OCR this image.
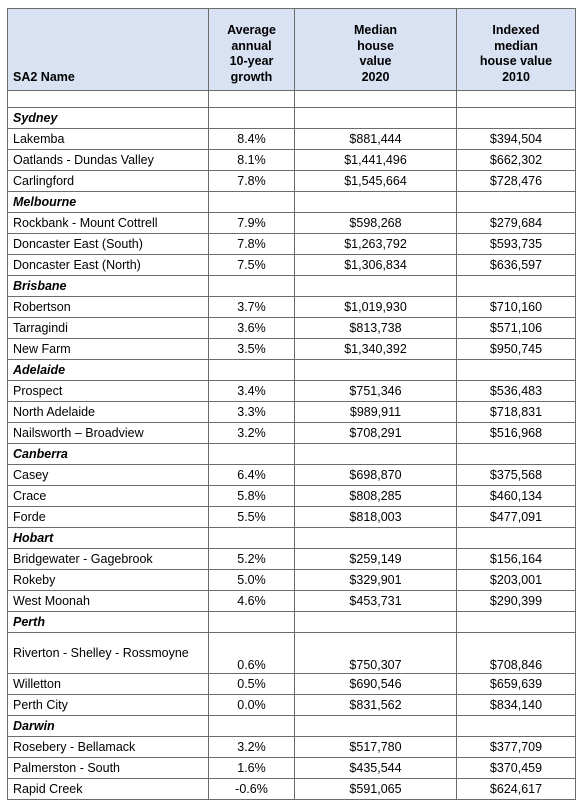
SA2 Name	Average
annual
10-year
growth	Median
house
value
2020	Indexed
median
house value
2010

Sydney			
Lakemba	8.4%	$881,444	$394,504
Oatlands - Dundas Valley	8.1%	$1,441,496	$662,302
Carlingford	7.8%	$1,545,664	$728,476
Melbourne			
Rockbank - Mount Cottrell	7.9%	$598,268	$279,684
Doncaster East (South)	7.8%	$1,263,792	$593,735
Doncaster East (North)	7.5%	$1,306,834	$636,597
Brisbane			
Robertson	3.7%	$1,019,930	$710,160
Tarragindi	3.6%	$813,738	$571,106
New Farm	3.5%	$1,340,392	$950,745
Adelaide			
Prospect	3.4%	$751,346	$536,483
North Adelaide	3.3%	$989,911	$718,831
Nailsworth – Broadview	3.2%	$708,291	$516,968
Canberra			
Casey	6.4%	$698,870	$375,568
Crace	5.8%	$808,285	$460,134
Forde	5.5%	$818,003	$477,091
Hobart			
Bridgewater - Gagebrook	5.2%	$259,149	$156,164
Rokeby	5.0%	$329,901	$203,001
West Moonah	4.6%	$453,731	$290,399
Perth			
Riverton - Shelley - Rossmoyne	0.6%	$750,307	$708,846
Willetton	0.5%	$690,546	$659,639
Perth City	0.0%	$831,562	$834,140
Darwin			
Rosebery - Bellamack	3.2%	$517,780	$377,709
Palmerston - South	1.6%	$435,544	$370,459
Rapid Creek	-0.6%	$591,065	$624,617
